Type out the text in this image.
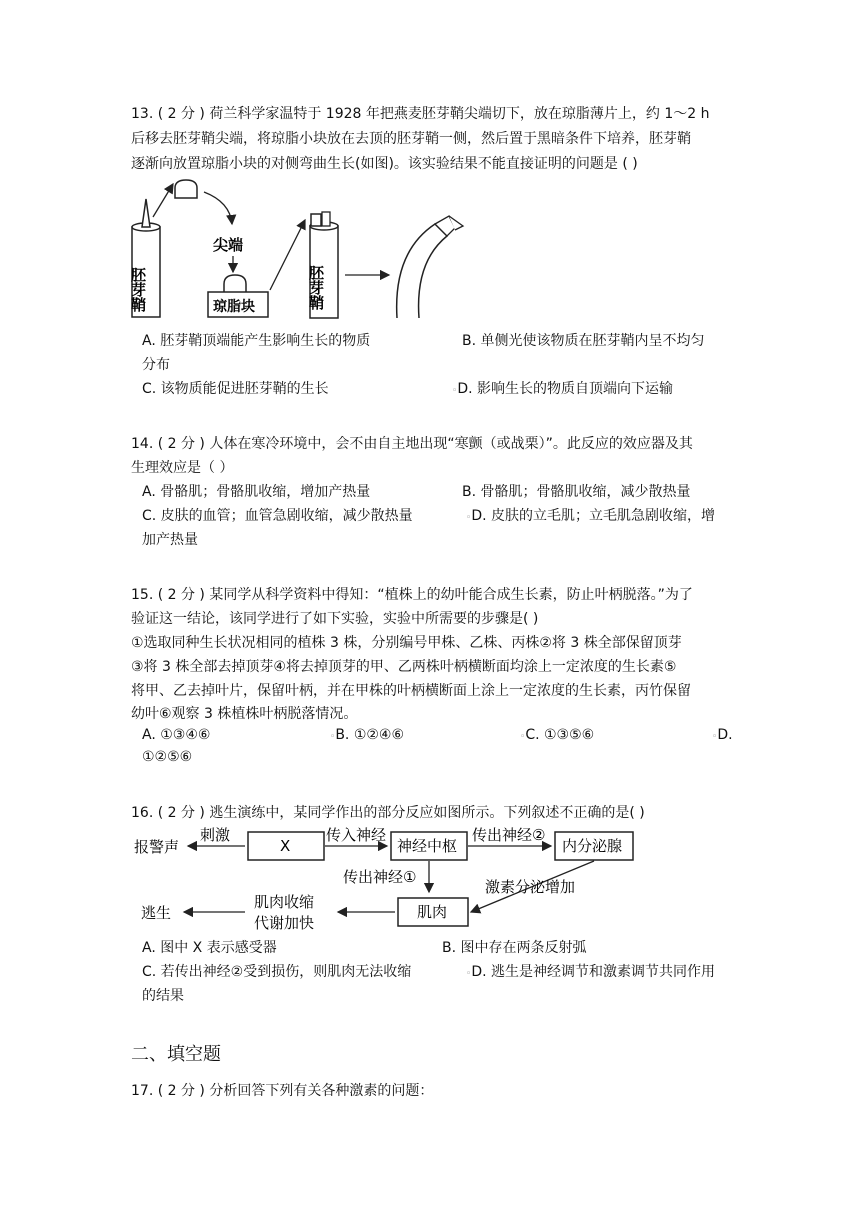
13. ( 2 分 ) 荷兰科学家温特于 1928 年把燕麦胚芽鞘尖端切下，放在琼脂薄片上，约 1～2 h
后移去胚芽鞘尖端，将琼脂小块放在去顶的胚芽鞘一侧，然后置于黑暗条件下培养，胚芽鞘
逐渐向放置琼脂小块的对侧弯曲生长(如图)。该实验结果不能直接证明的问题是 ( )
胚芽鞘
尖端
琼脂块	胚芽鞘
A. 胚芽鞘顶端能产生影响生长的物质	B. 单侧光使该物质在胚芽鞘内呈不均匀
分布
C. 该物质能促进胚芽鞘的生长	◦D. 影响生长的物质自顶端向下运输
14. ( 2 分 ) 人体在寒冷环境中，会不由自主地出现“寒颤（或战栗）”。此反应的效应器及其
生理效应是（ ）
A. 骨骼肌；骨骼肌收缩，增加产热量	B. 骨骼肌；骨骼肌收缩，减少散热量
C. 皮肤的血管；血管急剧收缩，减少散热量	◦D. 皮肤的立毛肌；立毛肌急剧收缩，增
加产热量
15. ( 2 分 ) 某同学从科学资料中得知：“植株上的幼叶能合成生长素，防止叶柄脱落。”为了
验证这一结论，该同学进行了如下实验，实验中所需要的步骤是( )
①选取同种生长状况相同的植株 3 株，分别编号甲株、乙株、丙株②将 3 株全部保留顶芽
③将 3 株全部去掉顶芽④将去掉顶芽的甲、乙两株叶柄横断面均涂上一定浓度的生长素⑤
将甲、乙去掉叶片，保留叶柄，并在甲株的叶柄横断面上涂上一定浓度的生长素，丙竹保留
幼叶⑥观察 3 株植株叶柄脱落情况。
A. ①③④⑥	◦B. ①②④⑥	◦C. ①③⑤⑥	◦D.
①②⑤⑥
16. ( 2 分 ) 逃生演练中，某同学作出的部分反应如图所示。下列叙述不正确的是( )
报警声
刺激
X
传入神经
神经中枢
传出神经②
内分泌腺
传出神经①
激素分泌增加
肌肉
肌肉收缩
代谢加快
逃生
A. 图中 X 表示感受器	B. 图中存在两条反射弧
C. 若传出神经②受到损伤，则肌肉无法收缩	◦D. 逃生是神经调节和激素调节共同作用
的结果
二、填空题
17. ( 2 分 ) 分析回答下列有关各种激素的问题：
